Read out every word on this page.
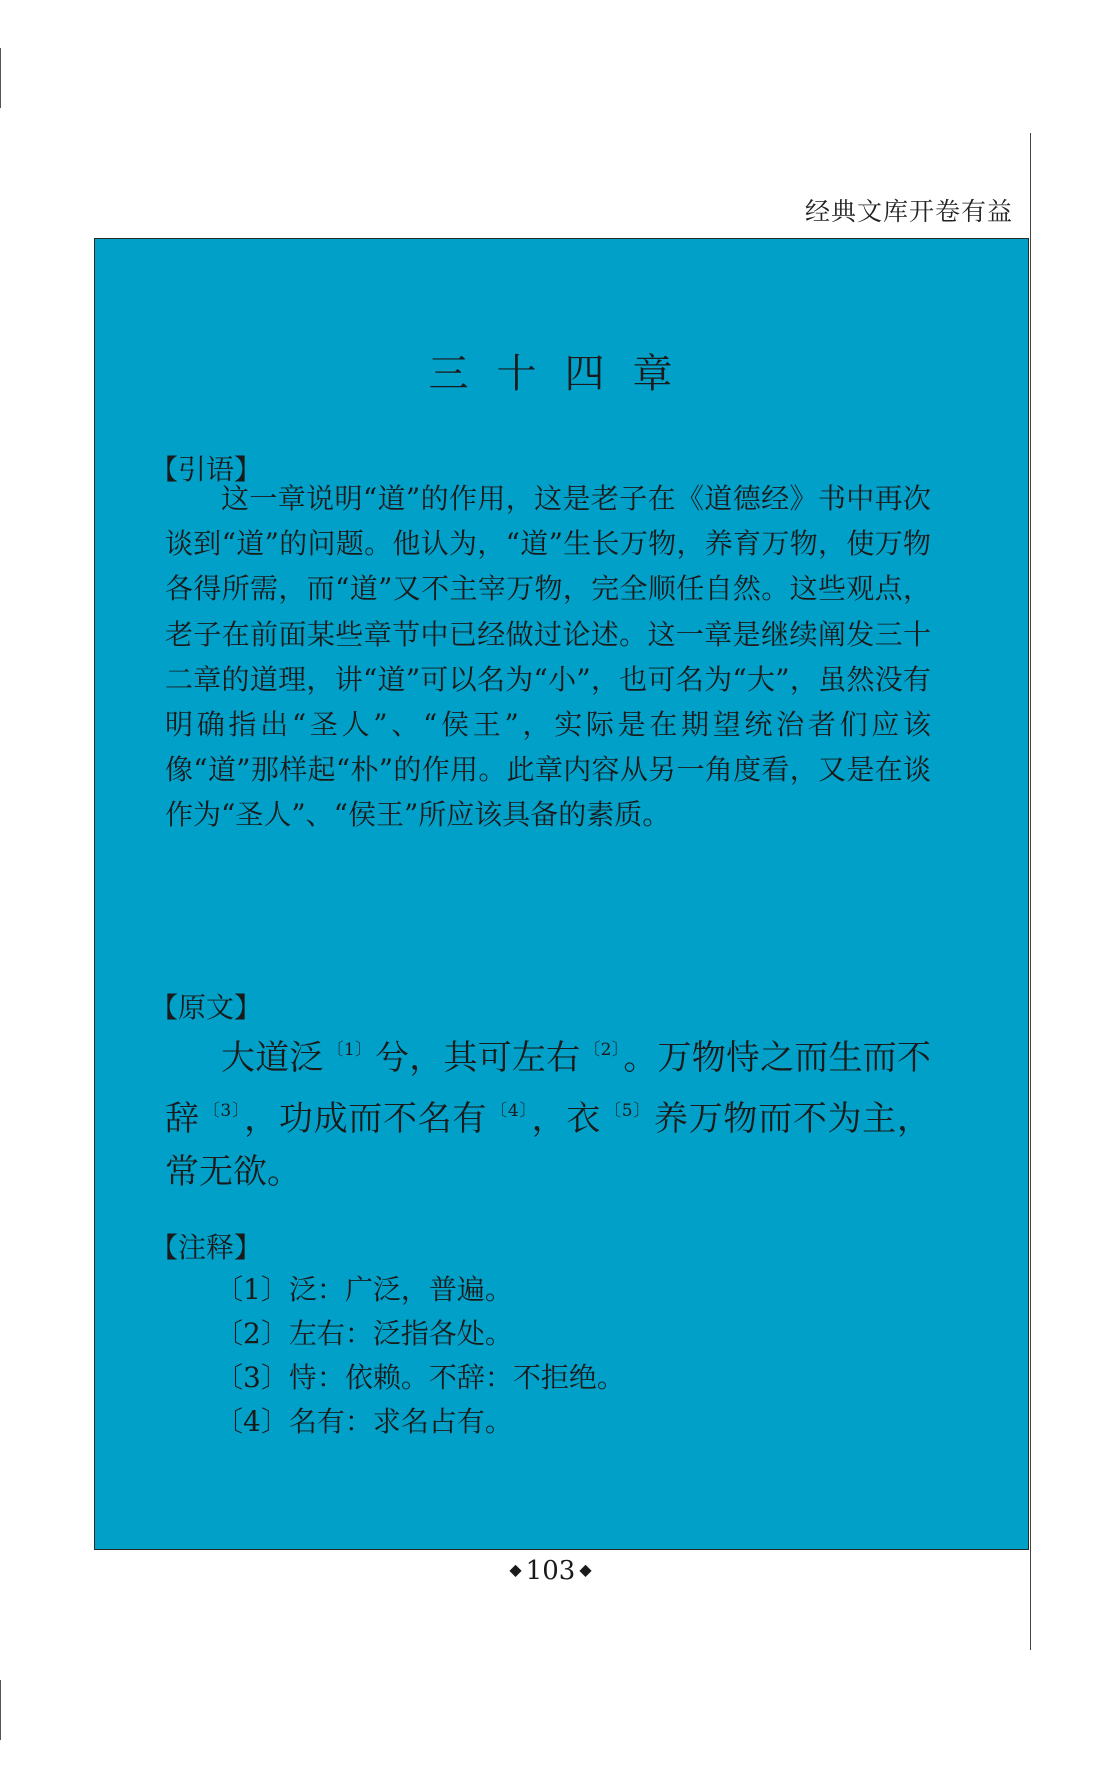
经典文库开卷有益
三十四章
【引语】

这一章说明“道”的作用，这是老子在《道德经》书中再次谈到“道”的问题。他认为，“道”生长万物，养育万物，使万物各得所需，而“道”又不主宰万物，完全顺任自然。这些观点，老子在前面某些章节中已经做过论述。这一章是继续阐发三十二章的道理，讲“道”可以名为“小”，也可名为“大”，虽然没有明确指出“圣人”、“侯王”，实际是在期望统治者们应该像“道”那样起“朴”的作用。此章内容从另一角度看，又是在谈作为“圣人”、“侯王”所应该具备的素质。

【原文】

大道泛 $^{〔1〕}$兮，其可左右 $^{〔2〕}$。万物恃之而生而不辞 $^{〔3〕}$，功成而不名有 $^{〔4〕}$，衣 $^{〔5〕}$养万物而不为主，常无欲。

【注释】
〔1〕泛：广泛，普遍。
〔2〕左右：泛指各处。
〔3〕恃：依赖。不辞：不拒绝。
〔4〕名有：求名占有。
◆ 103 ◆
